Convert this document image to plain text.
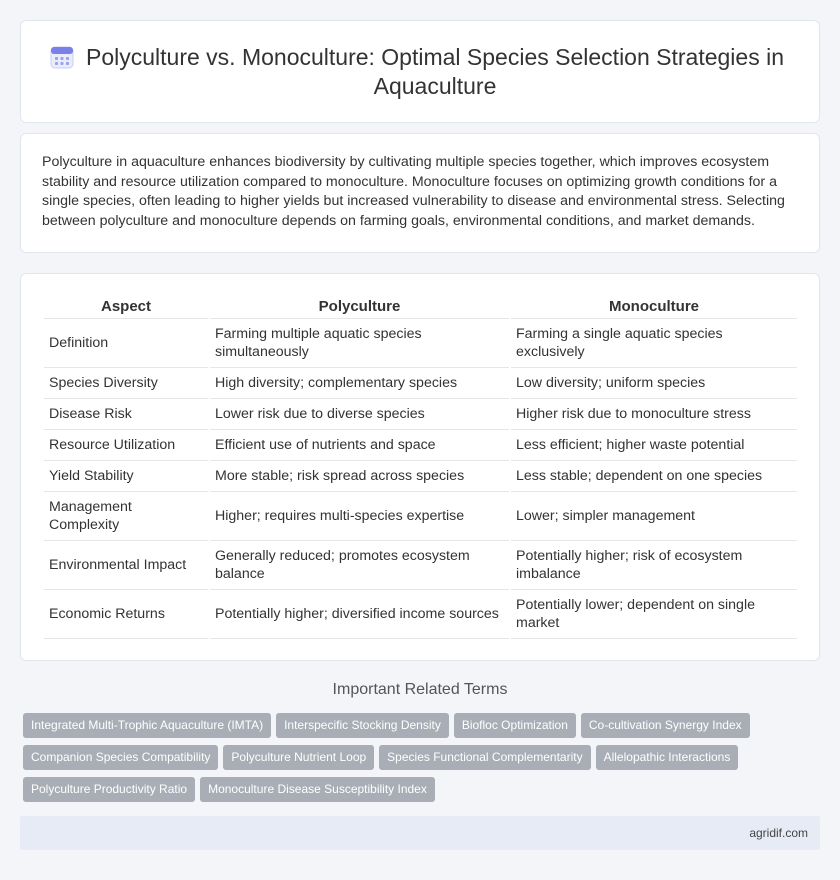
Polyculture vs. Monoculture: Optimal Species Selection Strategies in Aquaculture

Polyculture in aquaculture enhances biodiversity by cultivating multiple species together, which improves ecosystem stability and resource utilization compared to monoculture. Monoculture focuses on optimizing growth conditions for a single species, often leading to higher yields but increased vulnerability to disease and environmental stress. Selecting between polyculture and monoculture depends on farming goals, environmental conditions, and market demands.

Aspect	Polyculture	Monoculture
Definition	Farming multiple aquatic species simultaneously	Farming a single aquatic species exclusively
Species Diversity	High diversity; complementary species	Low diversity; uniform species
Disease Risk	Lower risk due to diverse species	Higher risk due to monoculture stress
Resource Utilization	Efficient use of nutrients and space	Less efficient; higher waste potential
Yield Stability	More stable; risk spread across species	Less stable; dependent on one species
Management Complexity	Higher; requires multi-species expertise	Lower; simpler management
Environmental Impact	Generally reduced; promotes ecosystem balance	Potentially higher; risk of ecosystem imbalance
Economic Returns	Potentially higher; diversified income sources	Potentially lower; dependent on single market
Important Related Terms
Integrated Multi-Trophic Aquaculture (IMTA) Interspecific Stocking Density Biofloc Optimization Co-cultivation Synergy Index
Companion Species Compatibility Polyculture Nutrient Loop Species Functional Complementarity Allelopathic Interactions
Polyculture Productivity Ratio Monoculture Disease Susceptibility Index
agridif.com
